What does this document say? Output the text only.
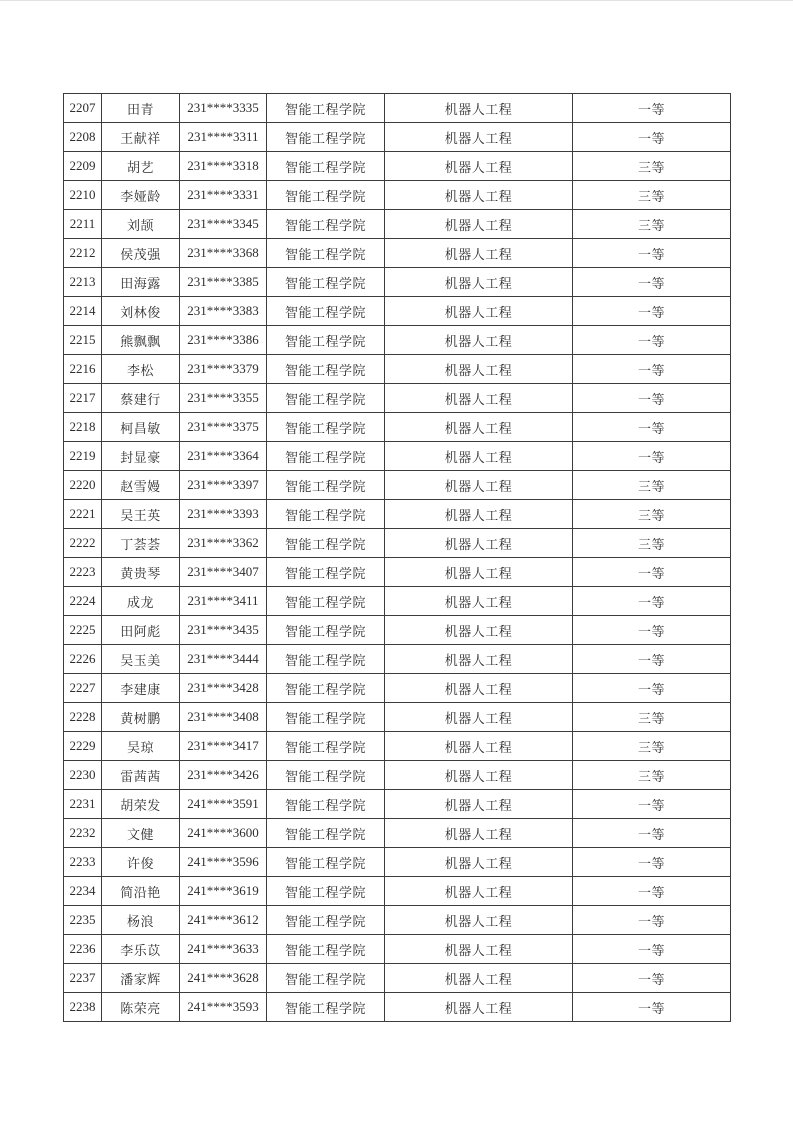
2207	田青	231****3335	智能工程学院	机器人工程	一等
2208	王献祥	231****3311	智能工程学院	机器人工程	一等
2209	胡艺	231****3318	智能工程学院	机器人工程	三等
2210	李娅龄	231****3331	智能工程学院	机器人工程	三等
2211	刘颉	231****3345	智能工程学院	机器人工程	三等
2212	侯茂强	231****3368	智能工程学院	机器人工程	一等
2213	田海露	231****3385	智能工程学院	机器人工程	一等
2214	刘林俊	231****3383	智能工程学院	机器人工程	一等
2215	熊飘飘	231****3386	智能工程学院	机器人工程	一等
2216	李松	231****3379	智能工程学院	机器人工程	一等
2217	蔡建行	231****3355	智能工程学院	机器人工程	一等
2218	柯昌敏	231****3375	智能工程学院	机器人工程	一等
2219	封显豪	231****3364	智能工程学院	机器人工程	一等
2220	赵雪嫚	231****3397	智能工程学院	机器人工程	三等
2221	吴王英	231****3393	智能工程学院	机器人工程	三等
2222	丁荟荟	231****3362	智能工程学院	机器人工程	三等
2223	黄贵琴	231****3407	智能工程学院	机器人工程	一等
2224	成龙	231****3411	智能工程学院	机器人工程	一等
2225	田阿彪	231****3435	智能工程学院	机器人工程	一等
2226	吴玉美	231****3444	智能工程学院	机器人工程	一等
2227	李建康	231****3428	智能工程学院	机器人工程	一等
2228	黄树鹏	231****3408	智能工程学院	机器人工程	三等
2229	吴琼	231****3417	智能工程学院	机器人工程	三等
2230	雷茜茜	231****3426	智能工程学院	机器人工程	三等
2231	胡荣发	241****3591	智能工程学院	机器人工程	一等
2232	文健	241****3600	智能工程学院	机器人工程	一等
2233	许俊	241****3596	智能工程学院	机器人工程	一等
2234	简沿艳	241****3619	智能工程学院	机器人工程	一等
2235	杨浪	241****3612	智能工程学院	机器人工程	一等
2236	李乐苡	241****3633	智能工程学院	机器人工程	一等
2237	潘家辉	241****3628	智能工程学院	机器人工程	一等
2238	陈荣亮	241****3593	智能工程学院	机器人工程	一等
